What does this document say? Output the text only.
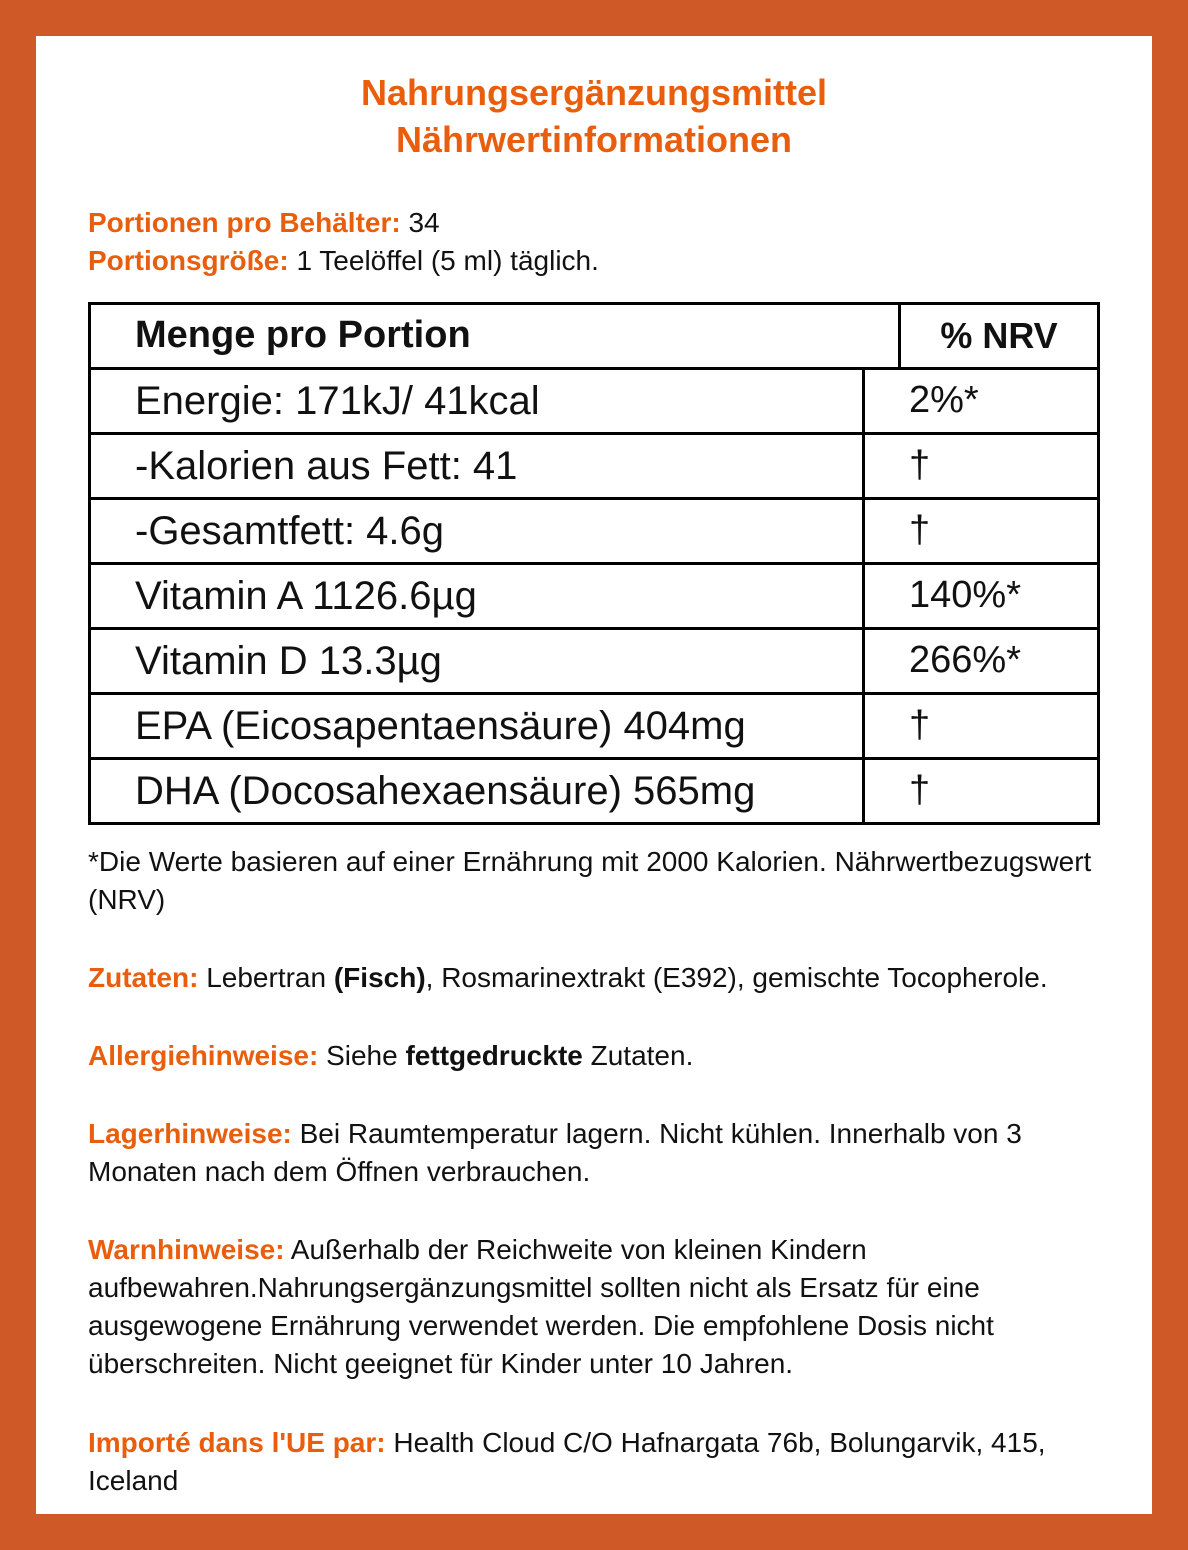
Nahrungsergänzungsmittel
Nährwertinformationen
Portionen pro Behälter: 34
Portionsgröße: 1 Teelöffel (5 ml) täglich.
Menge pro Portion	% NRV
Energie: 171kJ/ 41kcal	2%*
-Kalorien aus Fett: 41	†
-Gesamtfett: 4.6g	†
Vitamin A 1126.6µg	140%*
Vitamin D 13.3µg	266%*
EPA (Eicosapentaensäure) 404mg	†
DHA (Docosahexaensäure) 565mg	†
*Die Werte basieren auf einer Ernährung mit 2000 Kalorien. Nährwertbezugswert (NRV)
Zutaten: Lebertran (Fisch), Rosmarinextrakt (E392), gemischte Tocopherole.
Allergiehinweise: Siehe fettgedruckte Zutaten.
Lagerhinweise: Bei Raumtemperatur lagern. Nicht kühlen. Innerhalb von 3 Monaten nach dem Öffnen verbrauchen.
Warnhinweise: Außerhalb der Reichweite von kleinen Kindern aufbewahren.Nahrungsergänzungsmittel sollten nicht als Ersatz für eine ausgewogene Ernährung verwendet werden. Die empfohlene Dosis nicht überschreiten. Nicht geeignet für Kinder unter 10 Jahren.
Importé dans l'UE par: Health Cloud C/O Hafnargata 76b, Bolungarvik, 415, Iceland
